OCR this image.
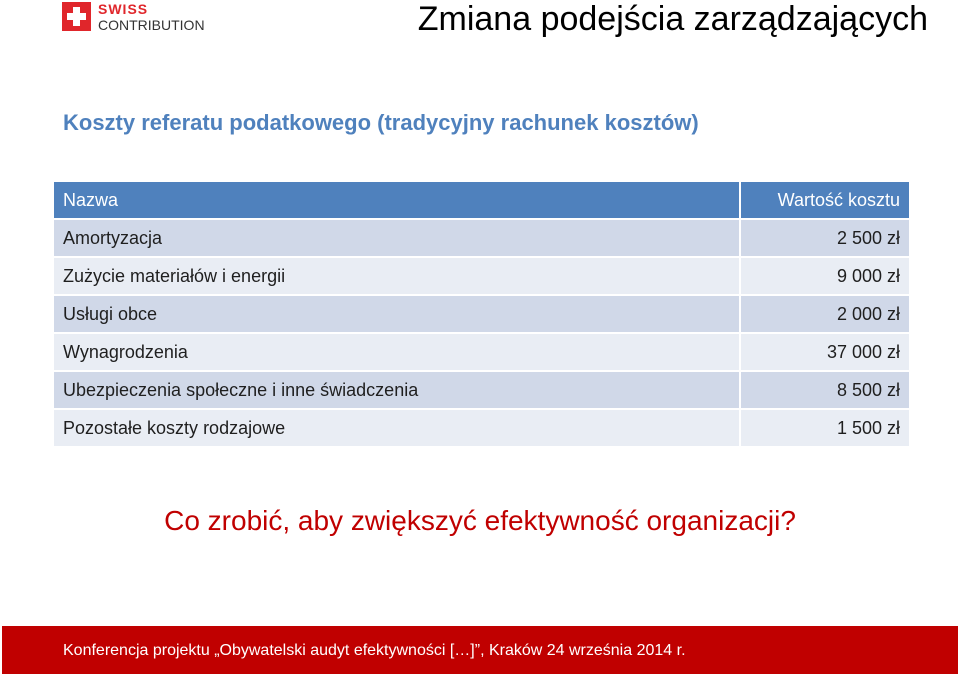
SWISS
CONTRIBUTION	Zmiana podejścia zarządzających
Koszty referatu podatkowego (tradycyjny rachunek kosztów)
Nazwa	Wartość kosztu
Amortyzacja	2 500 zł
Zużycie materiałów i energii	9 000 zł
Usługi obce	2 000 zł
Wynagrodzenia	37 000 zł
Ubezpieczenia społeczne i inne świadczenia	8 500 zł
Pozostałe koszty rodzajowe	1 500 zł
Co zrobić, aby zwiększyć efektywność organizacji?
Konferencja projektu „Obywatelski audyt efektywności […]”, Kraków 24 września 2014 r.
